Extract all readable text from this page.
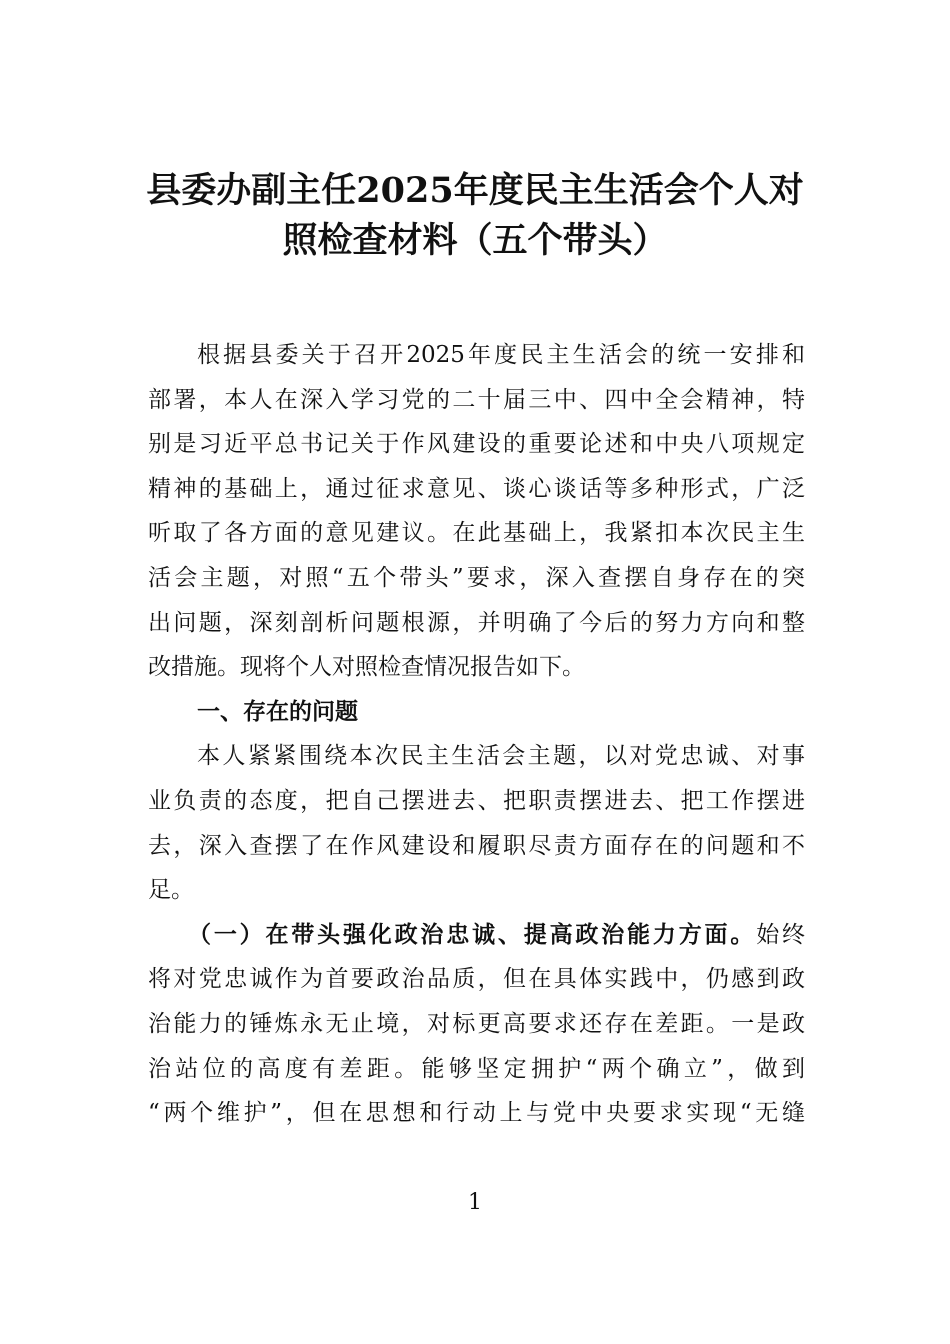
县委办副主任2025年度民主生活会个人对
照检查材料（五个带头）
根据县委关于召开2025年度民主生活会的统一安排和
部署，本人在深入学习党的二十届三中、四中全会精神，特
别是习近平总书记关于作风建设的重要论述和中央八项规定
精神的基础上，通过征求意见、谈心谈话等多种形式，广泛
听取了各方面的意见建议。在此基础上，我紧扣本次民主生
活会主题，对照“五个带头”要求，深入查摆自身存在的突
出问题，深刻剖析问题根源，并明确了今后的努力方向和整
改措施。现将个人对照检查情况报告如下。
一、存在的问题
本人紧紧围绕本次民主生活会主题，以对党忠诚、对事
业负责的态度，把自己摆进去、把职责摆进去、把工作摆进
去，深入查摆了在作风建设和履职尽责方面存在的问题和不
足。
（一）在带头强化政治忠诚、提高政治能力方面。始终
将对党忠诚作为首要政治品质，但在具体实践中，仍感到政
治能力的锤炼永无止境，对标更高要求还存在差距。一是政
治站位的高度有差距。能够坚定拥护“两个确立”，做到
“两个维护”，但在思想和行动上与党中央要求实现“无缝
1
